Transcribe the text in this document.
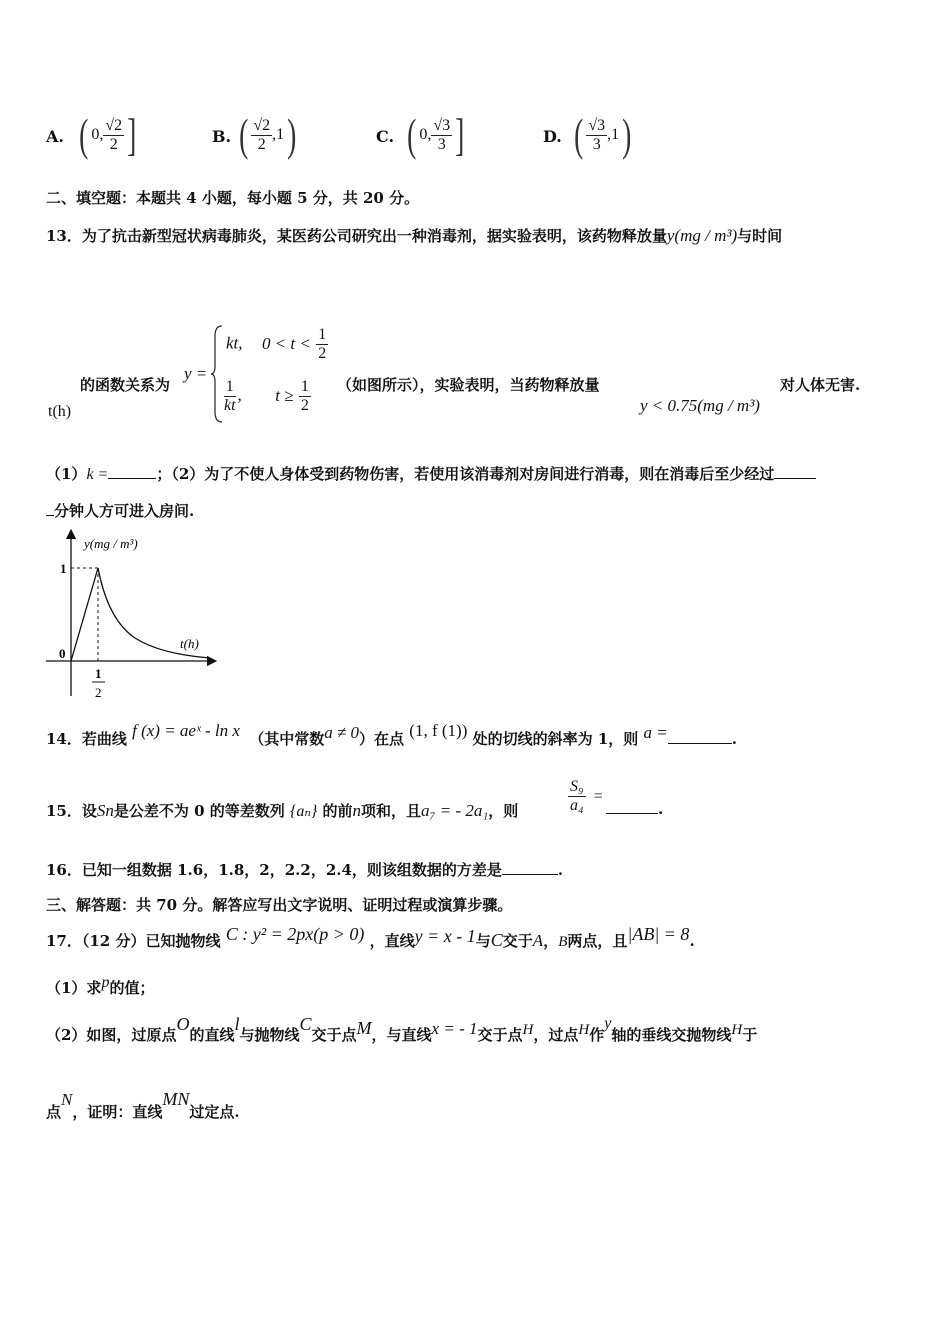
A. ( 0, $\frac{√2}{2}$ ]	B. ( $\frac{√2}{2} ,1$ )	C. ( 0, $\frac{√3}{3}$ ]	D. ( $\frac{√3}{3} ,1$ )
二、填空题：本题共 4 小题，每小题 5 分，共 20 分。
13．为了抗击新型冠状病毒肺炎，某医药公司研究出一种消毒剂，据实验表明，该药物释放量y(mg / m³)与时间
的函数关系为
y =
kt, $0 < t < \frac{1}{2}$
$\frac{1}{kt}$ , $t \ge \frac{1}{2}$ （如图所示），实验表明，当药物释放量	对人体无害.
y < 0.75(mg / m³)
t(h)
（1）k =	；（2）为了不使人身体受到药物伤害，若使用该消毒剂对房间进行消毒，则在消毒后至少经过
分钟人方可进入房间.
y(mg / m³)
t(h)
1
0
1
2
14．若曲线 f (x) = aeˣ - ln x （其中常数a ≠ 0）在点 (1, f (1)) 处的切线的斜率为 1，则 a =	.
15．设Sn是公差不为 0 的等差数列 {aₙ} 的前n项和，且a₇ = - 2a₁，则	$\frac{\text{S₉}}{\text{a₄}}$ =
.
16．已知一组数据 1.6，1.8，2，2.2，2.4，则该组数据的方差是	.
三、解答题：共 70 分。解答应写出文字说明、证明过程或演算步骤。
17．（12 分）已知抛物线 C : y² = 2px(p > 0) ，直线y = x - 1与C交于A，B两点，且|AB| = 8.
（1）求p的值；
（2）如图，过原点O的直线l与抛物线C交于点M，与直线x = - 1交于点H，过点H作y轴的垂线交抛物线H于
点N，证明：直线MN过定点.
